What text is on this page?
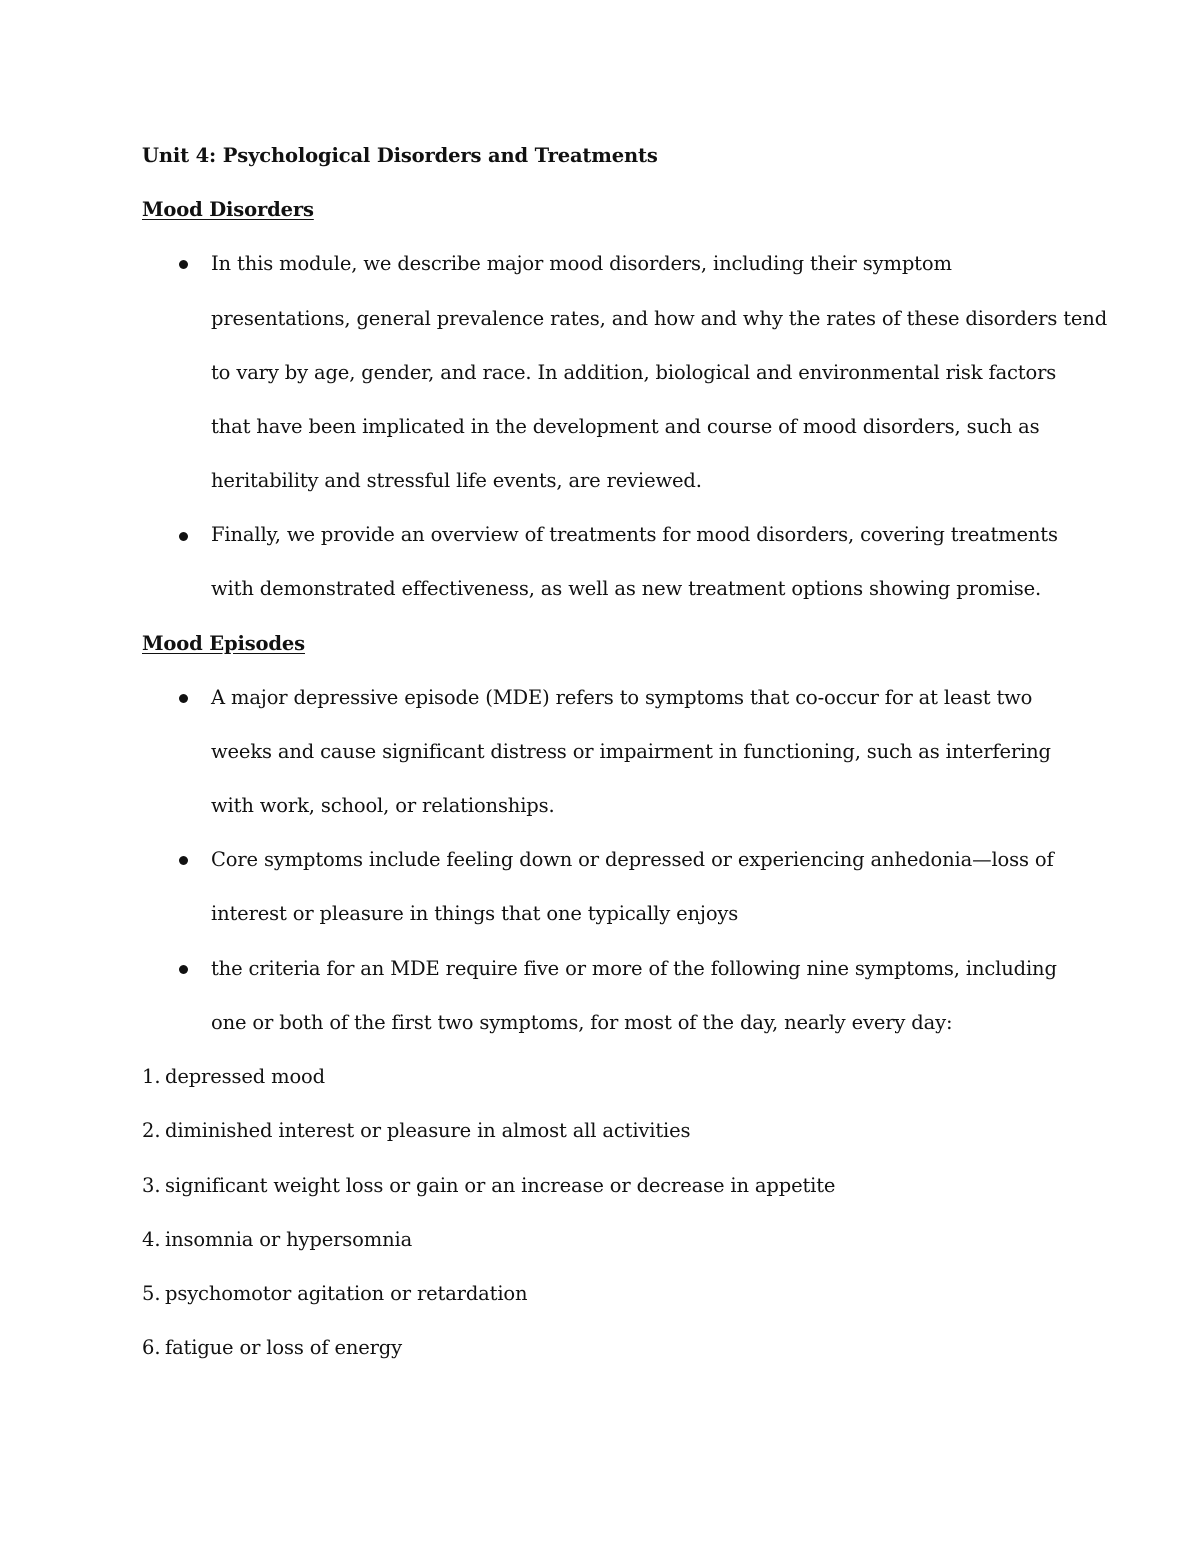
Unit 4: Psychological Disorders and Treatments
Mood Disorders
In this module, we describe major mood disorders, including their symptom
presentations, general prevalence rates, and how and why the rates of these disorders tend
to vary by age, gender, and race. In addition, biological and environmental risk factors
that have been implicated in the development and course of mood disorders, such as
heritability and stressful life events, are reviewed.
Finally, we provide an overview of treatments for mood disorders, covering treatments
with demonstrated effectiveness, as well as new treatment options showing promise.
Mood Episodes
A major depressive episode (MDE) refers to symptoms that co-occur for at least two
weeks and cause significant distress or impairment in functioning, such as interfering
with work, school, or relationships.
Core symptoms include feeling down or depressed or experiencing anhedonia—loss of
interest or pleasure in things that one typically enjoys
the criteria for an MDE require five or more of the following nine symptoms, including
one or both of the first two symptoms, for most of the day, nearly every day:
1. depressed mood
2. diminished interest or pleasure in almost all activities
3. significant weight loss or gain or an increase or decrease in appetite
4. insomnia or hypersomnia
5. psychomotor agitation or retardation
6. fatigue or loss of energy
